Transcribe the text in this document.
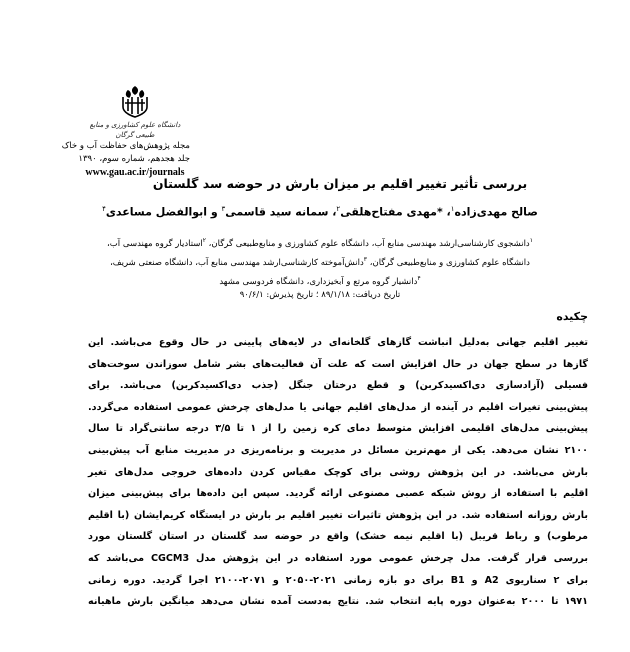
دانشگاه علوم کشاورزی و منابع طبیعی گرگان
مجله پژوهش‌های حفاظت آب و خاک
جلد هجدهم، شماره سوم، ۱۳۹۰
www.gau.ac.ir/journals
بررسی تأثیر تغییر اقلیم بر میزان بارش در حوضه سد گلستان
صالح مهدی‌زاده$^۱$، *مهدی مفتاح‌هلقی$^۲$، سمانه سید قاسمی$^۳$ و ابوالفضل مساعدی$^۴$

$^۱$دانشجوی کارشناسی‌ارشد مهندسی منابع آب، دانشگاه علوم کشاورزی و منابع‌طبیعی گرگان، $^۲$استادیار گروه مهندسی آب،

دانشگاه علوم کشاورزی و منابع‌طبیعی گرگان، $^۳$دانش‌آموخته کارشناسی‌ارشد مهندسی منابع آب، دانشگاه صنعتی شریف،

$^۴$دانشیار گروه مرتع و آبخیزداری، دانشگاه فردوسی مشهد

تاریخ دریافت: ۸۹/۱/۱۸ ؛ تاریخ پذیرش: ۹۰/۶/۱
چکیده
تغییر اقلیم جهانی به‌دلیل انباشت گازهای گلخانه‌ای در لایه‌های پایینی در حال وقوع می‌باشد. این
گازها در سطح جهان در حال افزایش است که علت آن فعالیت‌های بشر شامل سوزاندن سوخت‌های
فسیلی (آزادسازی دی‌اکسیدکربن) و قطع درختان جنگل (جذب دی‌اکسیدکربن) می‌باشد. برای
پیش‌بینی تغیرات اقلیم در آینده از مدل‌های اقلیم جهانی یا مدل‌های چرخش عمومی استفاده می‌گردد.
پیش‌بینی مدل‌های اقلیمی افزایش متوسط دمای کره زمین را از ۱ تا ۳/۵ درجه سانتی‌گراد تا سال
۲۱۰۰ نشان می‌دهد. یکی از مهم‌ترین مسائل در مدیریت و برنامه‌ریزی در مدیریت منابع آب پیش‌بینی
بارش می‌باشد. در این پژوهش روشی برای کوچک مقیاس کردن داده‌های خروجی مدل‌های تغیر
اقلیم با استفاده از روش شبکه عصبی مصنوعی ارائه گردید. سپس این داده‌ها برای پیش‌بینی میزان
بارش روزانه استفاده شد. در این پژوهش تاثیرات تغییر اقلیم بر بارش در ایستگاه کریم‌ایشان (با اقلیم
مرطوب) و رباط قریبل (با اقلیم نیمه خشک) واقع در حوضه سد گلستان در استان گلستان مورد
بررسی قرار گرفت. مدل چرخش عمومی مورد استفاده در این پژوهش مدل CGCM3 می‌باشد که
برای ۲ سناریوی A2 و B1 برای دو بازه زمانی ۲۰۲۱-۲۰۵۰ و ۲۰۷۱-۲۱۰۰ اجرا گردید. دوره زمانی
۱۹۷۱ تا ۲۰۰۰ به‌عنوان دوره پایه انتخاب شد. نتایج به‌دست آمده نشان می‌دهد میانگین بارش ماهیانه
